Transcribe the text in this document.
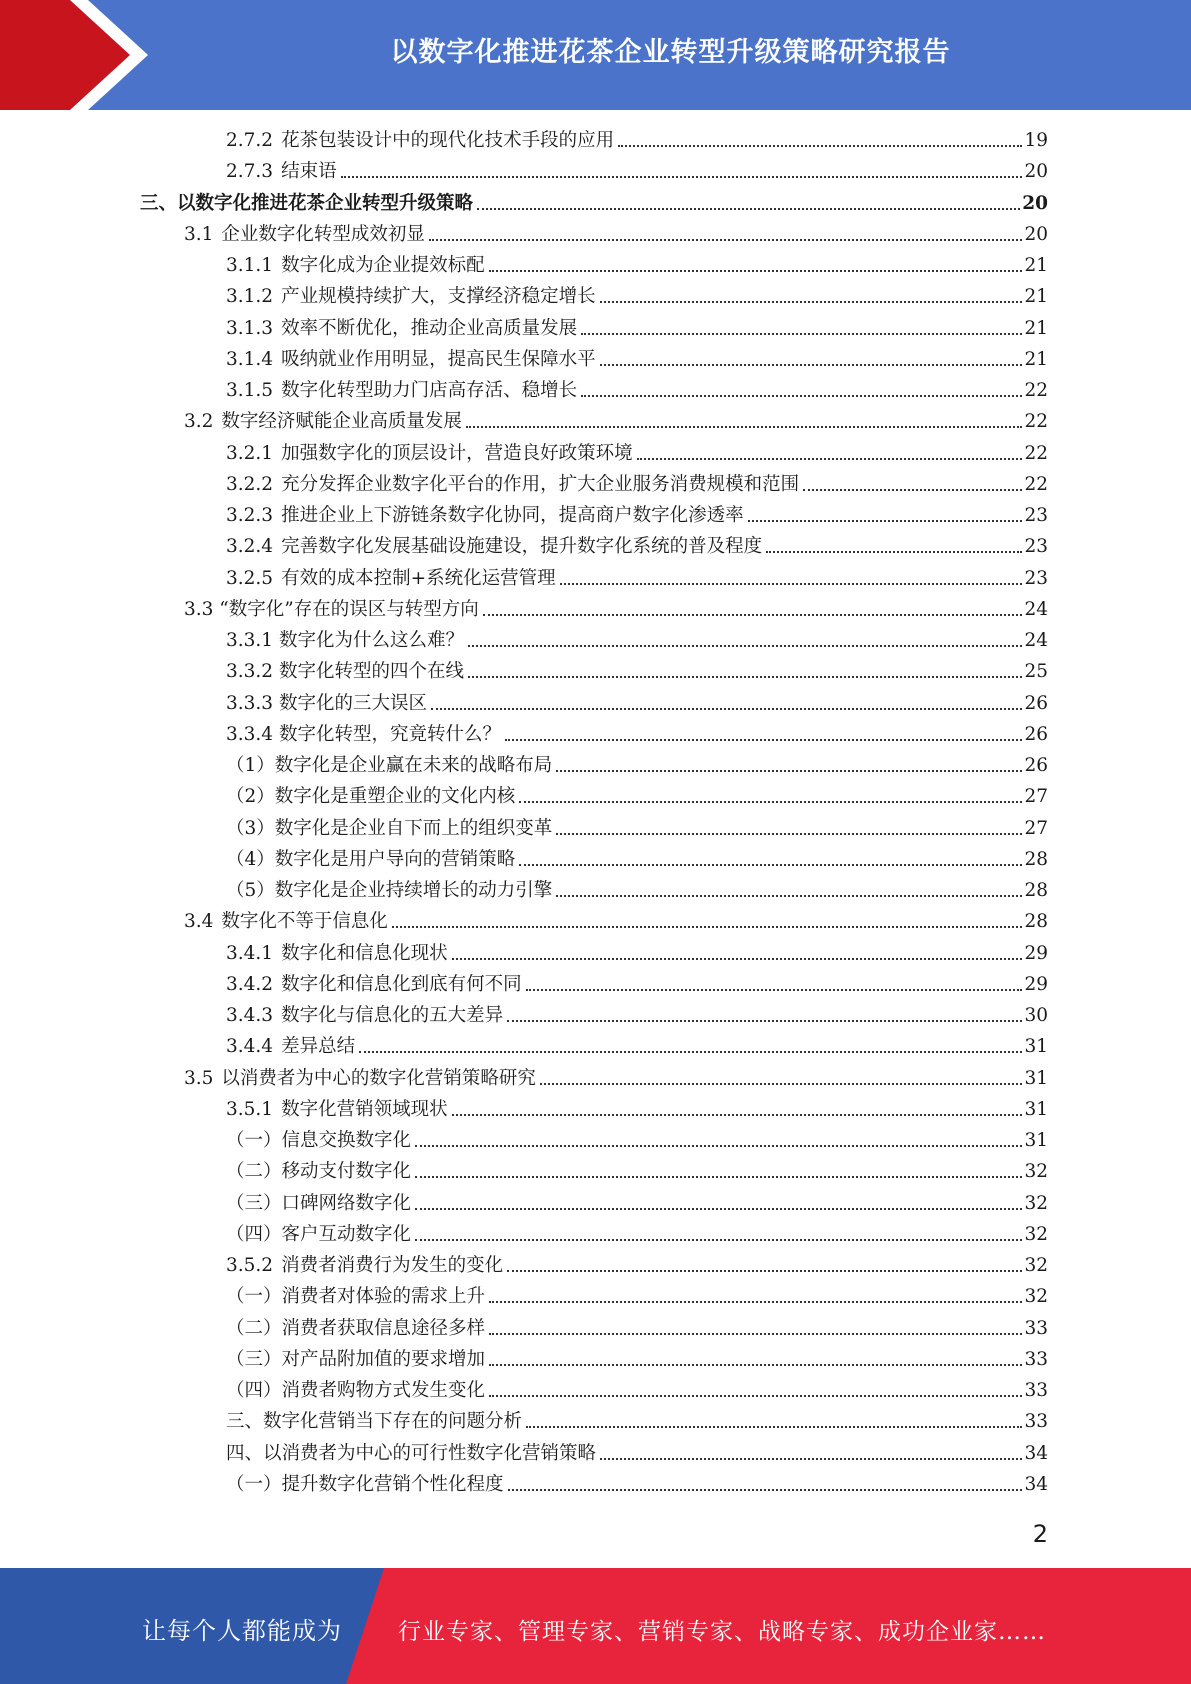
以数字化推进花茶企业转型升级策略研究报告
2.7.2 花茶包装设计中的现代化技术手段的应用	19
2.7.3 结束语	20
三、以数字化推进花茶企业转型升级策略	20
3.1 企业数字化转型成效初显	20
3.1.1 数字化成为企业提效标配	21
3.1.2 产业规模持续扩大，支撑经济稳定增长	21
3.1.3 效率不断优化，推动企业高质量发展	21
3.1.4 吸纳就业作用明显，提高民生保障水平	21
3.1.5 数字化转型助力门店高存活、稳增长	22
3.2 数字经济赋能企业高质量发展	22
3.2.1 加强数字化的顶层设计，营造良好政策环境	22
3.2.2 充分发挥企业数字化平台的作用，扩大企业服务消费规模和范围	22
3.2.3 推进企业上下游链条数字化协同，提高商户数字化渗透率	23
3.2.4 完善数字化发展基础设施建设，提升数字化系统的普及程度	23
3.2.5 有效的成本控制+系统化运营管理	23
3.3 “数字化”存在的误区与转型方向	24
3.3.1 数字化为什么这么难？	24
3.3.2 数字化转型的四个在线	25
3.3.3 数字化的三大误区	26
3.3.4 数字化转型，究竟转什么？	26
（1）数字化是企业赢在未来的战略布局	26
（2）数字化是重塑企业的文化内核	27
（3）数字化是企业自下而上的组织变革	27
（4）数字化是用户导向的营销策略	28
（5）数字化是企业持续增长的动力引擎	28
3.4 数字化不等于信息化	28
3.4.1 数字化和信息化现状	29
3.4.2 数字化和信息化到底有何不同	29
3.4.3 数字化与信息化的五大差异	30
3.4.4 差异总结	31
3.5 以消费者为中心的数字化营销策略研究	31
3.5.1 数字化营销领域现状	31
（一）信息交换数字化	31
（二）移动支付数字化	32
（三）口碑网络数字化	32
（四）客户互动数字化	32
3.5.2 消费者消费行为发生的变化	32
（一）消费者对体验的需求上升	32
（二）消费者获取信息途径多样	33
（三）对产品附加值的要求增加	33
（四）消费者购物方式发生变化	33
三、数字化营销当下存在的问题分析	33
四、以消费者为中心的可行性数字化营销策略	34
（一）提升数字化营销个性化程度	34
2
让每个人都能成为 行业专家、管理专家、营销专家、战略专家、成功企业家……
